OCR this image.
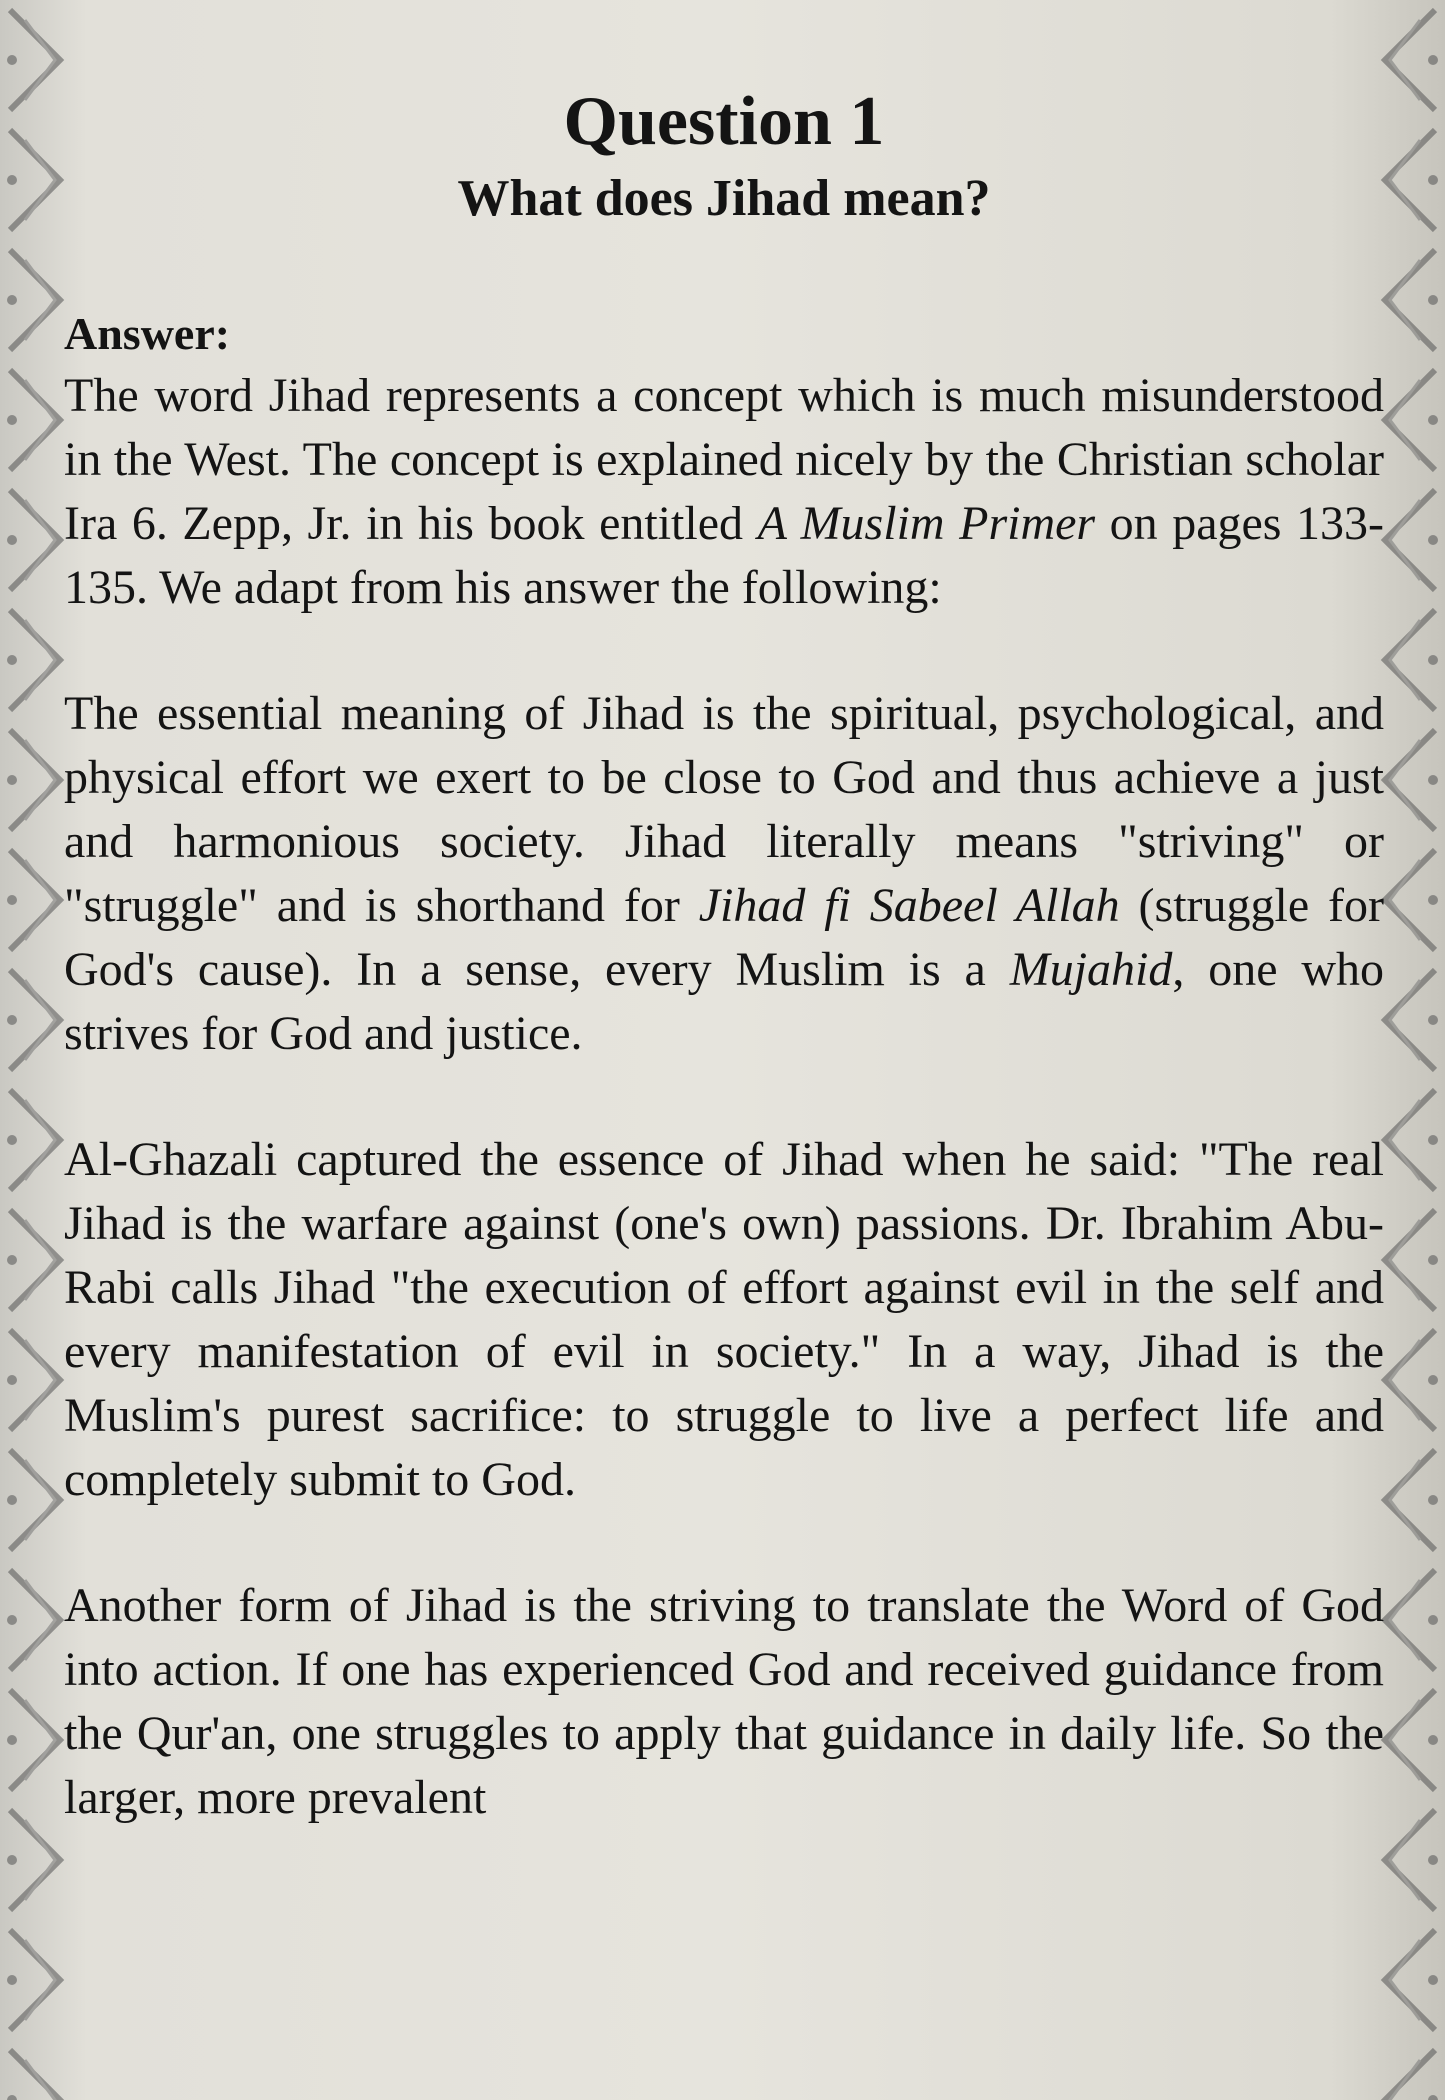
Question 1
What does Jihad mean?

Answer:

The word Jihad represents a concept which is much misunderstood in the West. The concept is explained nicely by the Christian scholar Ira 6. Zepp, Jr. in his book entitled A Muslim Primer on pages 133-135. We adapt from his answer the following:

The essential meaning of Jihad is the spiritual, psychological, and physical effort we exert to be close to God and thus achieve a just and harmonious society. Jihad literally means "striving" or "struggle" and is shorthand for Jihad fi Sabeel Allah (struggle for God's cause). In a sense, every Muslim is a Mujahid, one who strives for God and justice.

Al-Ghazali captured the essence of Jihad when he said: "The real Jihad is the warfare against (one's own) passions. Dr. Ibrahim Abu-Rabi calls Jihad "the execution of effort against evil in the self and every manifestation of evil in society." In a way, Jihad is the Muslim's purest sacrifice: to struggle to live a perfect life and completely submit to God.

Another form of Jihad is the striving to translate the Word of God into action. If one has experienced God and received guidance from the Qur'an, one struggles to apply that guidance in daily life. So the larger, more prevalent
